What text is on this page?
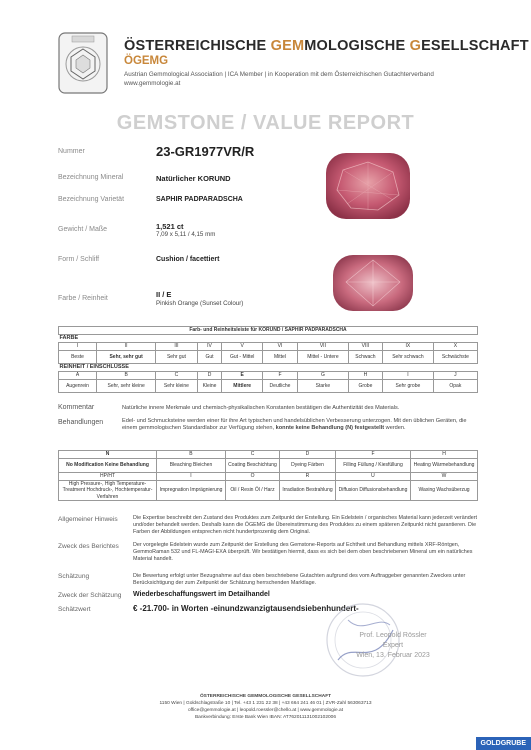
ÖSTERREICHISCHE GEMMOLOGISCHE GESELLSCHAFT
ÖGEMG
Austrian Gemmological Association | ICA Member | in Kooperation mit dem Österreichischen Gutachterverband
www.gemmologie.at
GEMSTONE / VALUE REPORT
Nummer	23-GR1977VR/R
Bezeichnung Mineral	Natürlicher KORUND
Bezeichnung Varietät	SAPHIR PADPARADSCHA
Gewicht / Maße	1,521 ct
7,09 x 5,11 / 4,15 mm
Form / Schliff	Cushion / facettiert
Farbe / Reinheit	II / E
Pinkish Orange (Sunset Colour)
Farb- und Reinheitsleiste für KORUND / SAPHIR PADPARADSCHA									
FARBE									
I	II	III	IV	V	VI	VII	VIII	IX	X
Beste	Sehr, sehr gut	Sehr gut	Gut	Gut - Mittel	Mittel	Mittel - Untere	Schwach	Sehr schwach	Schwächste
REINHEIT / EINSCHLÜSSE									
A	B	C	D	E	F	G	H	I	J
Augenrein	Sehr, sehr kleine	Sehr kleine	Kleine	Mittlere	Deutliche	Starke	Grobe	Sehr grobe	Opak
Kommentar	Natürliche innere Merkmale und chemisch-physikalischen Konstanten bestätigen die Authentizität des Materials.
Behandlungen	Edel- und Schmucksteine werden einer für ihre Art typischen und handelsüblichen Verbesserung unterzogen. Mit den üblichen Geräten, die einem gemmologischen Standardlabor zur Verfügung stehen, konnte keine Behandlung (N) festgestellt werden.
N	B	C	D	F	H
No Modification Keine Behandlung	Bleaching Bleichen	Coating Beschichtung	Dyeing Färben	Filling Füllung / Kiesfüllung	Heating Wärmebehandlung
HP/HT	I	O	R	U	W
High Pressure-, High Temperature- Treatment Hochdruck-, Hochtemperatur-Verfahren	Impregnation Imprägnierung	Oil / Resin Öl / Harz	Irradiation Bestrahlung	Diffusion Diffusionsbehandlung	Waxing Wachsüberzug
Allgemeiner Hinweis	Die Expertise beschreibt den Zustand des Produktes zum Zeitpunkt der Erstellung. Ein Edelstein / organisches Material kann jederzeit verändert und/oder behandelt werden. Deshalb kann die ÖGEMG die Übereinstimmung des Produktes zu einem späteren Zeitpunkt nicht garantieren. Die Farben der Abbildungen entsprechen nicht hundertprozentig dem Original.
Zweck des Berichtes	Der vorgelegte Edelstein wurde zum Zeitpunkt der Erstellung des Gemstone-Reports auf Echtheit und Behandlung mittels XRF-Röntgen, GemmoRaman 532 und FL-MAGI-EXA überprüft. Wir bestätigen hiermit, dass es sich bei dem oben beschriebenen Mineral um ein natürliches Material handelt.
Schätzung	Die Bewertung erfolgt unter Bezugnahme auf das oben beschriebene Gutachten aufgrund des vom Auftraggeber genannten Zweckes unter Berücksichtigung der zum Zeitpunkt der Schätzung herrschenden Marktlage.
Zweck der Schätzung Wiederbeschaffungswert im Detailhandel
Schätzwert	€ -21.700- in Worten -einundzwanzigtausendsiebenhundert-
Prof. Leopold Rössler
Expert
Wien, 13. Februar 2023
ÖSTERREICHISCHE GEMMOLOGISCHE GESELLSCHAFT
1150 Wien | Goldschlagstraße 10 | Tel. +43 1 231 22 38 | +43 664 241 46 01 | ZVR-Zahl 563063713
office@gemmologie.at | leopold.roessler@chello.at | www.gemmologie.at
Bankverbindung: Erste Bank Wien IBAN: AT762011131002102006
GOLDGRUBE
